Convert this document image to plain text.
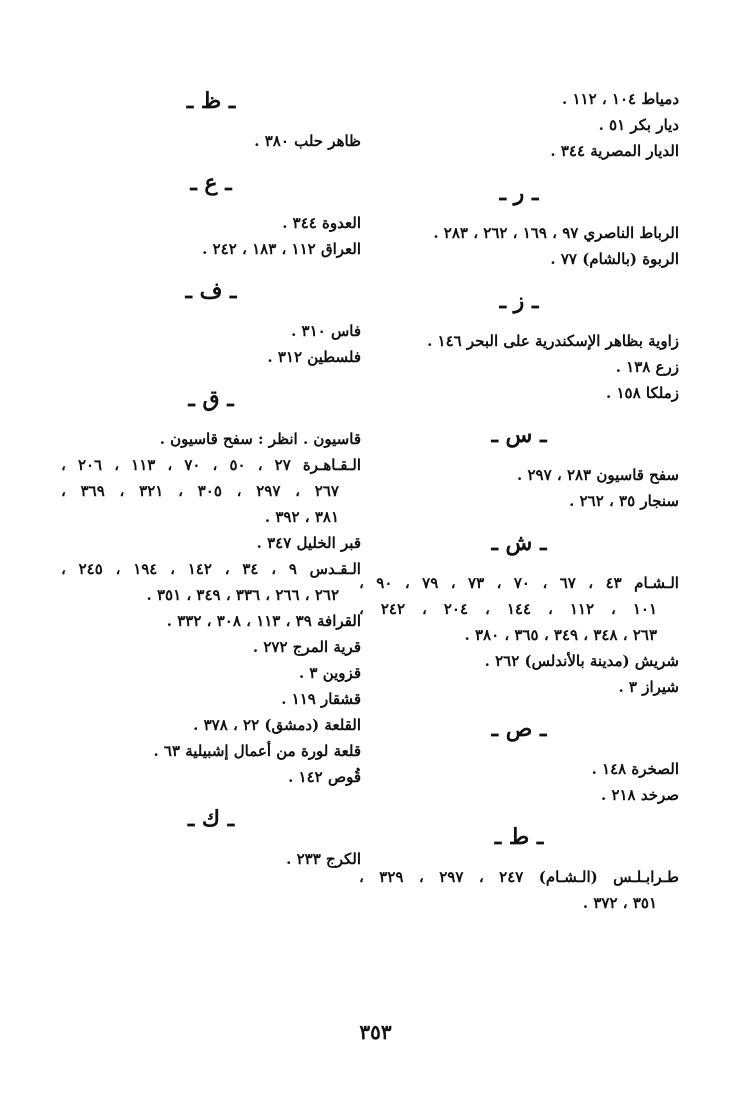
دمياط ١٠٤ ، ١١٢ .
ديار بكر ٥١ .
الديار المصرية ٣٤٤ .
ـ ر ـ
الرباط الناصري ٩٧ ، ١٦٩ ، ٢٦٢ ، ٢٨٣ .
الربوة (بالشام) ٧٧ .
ـ ز ـ
زاوية بظاهر الإسكندرية على البحر ١٤٦ .
زرع ١٣٨ .
زملكا ١٥٨ .
ـ س ـ
سفح قاسيون ٢٨٣ ، ٢٩٧ .
سنجار ٣٥ ، ٢٦٢ .
ـ ش ـ
الـشـام ٤٣ ، ٦٧ ، ٧٠ ، ٧٣ ، ٧٩ ، ٩٠ ،
١٠١ ، ١١٢ ، ١٤٤ ، ٢٠٤ ، ٢٤٢ ،
٢٦٣ ، ٣٤٨ ، ٣٤٩ ، ٣٦٥ ، ٣٨٠ .
شريش (مدينة بالأندلس) ٢٦٢ .
شيراز ٣ .
ـ ص ـ
الصخرة ١٤٨ .
صرخد ٢١٨ .
ـ ط ـ
طـرابـلـس (الـشـام) ٢٤٧ ، ٢٩٧ ، ٣٢٩ ،
٣٥١ ، ٣٧٢ .
ـ ظ ـ
ظاهر حلب ٣٨٠ .
ـ ع ـ
العدوة ٣٤٤ .
العراق ١١٢ ، ١٨٣ ، ٢٤٢ .
ـ ف ـ
فاس ٣١٠ .
فلسطين ٣١٢ .
ـ ق ـ
قاسيون . انظر : سفح قاسيون .
الـقـاهـرة ٢٧ ، ٥٠ ، ٧٠ ، ١١٣ ، ٢٠٦ ،
٢٦٧ ، ٢٩٧ ، ٣٠٥ ، ٣٢١ ، ٣٦٩ ،
٣٨١ ، ٣٩٢ .
قبر الخليل ٣٤٧ .
الـقـدس ٩ ، ٣٤ ، ١٤٢ ، ١٩٤ ، ٢٤٥ ،
٢٦٢ ، ٢٦٦ ، ٣٣٦ ، ٣٤٩ ، ٣٥١ .
القرافة ٣٩ ، ١١٣ ، ٣٠٨ ، ٣٣٢ .
قرية المرج ٢٧٢ .
قزوين ٣ .
قشقار ١١٩ .
القلعة (دمشق) ٢٢ ، ٣٧٨ .
قلعة لورة من أعمال إشبيلية ٦٣ .
قُوص ١٤٢ .
ـ ك ـ
الكرج ٢٣٣ .
٣٥٣
